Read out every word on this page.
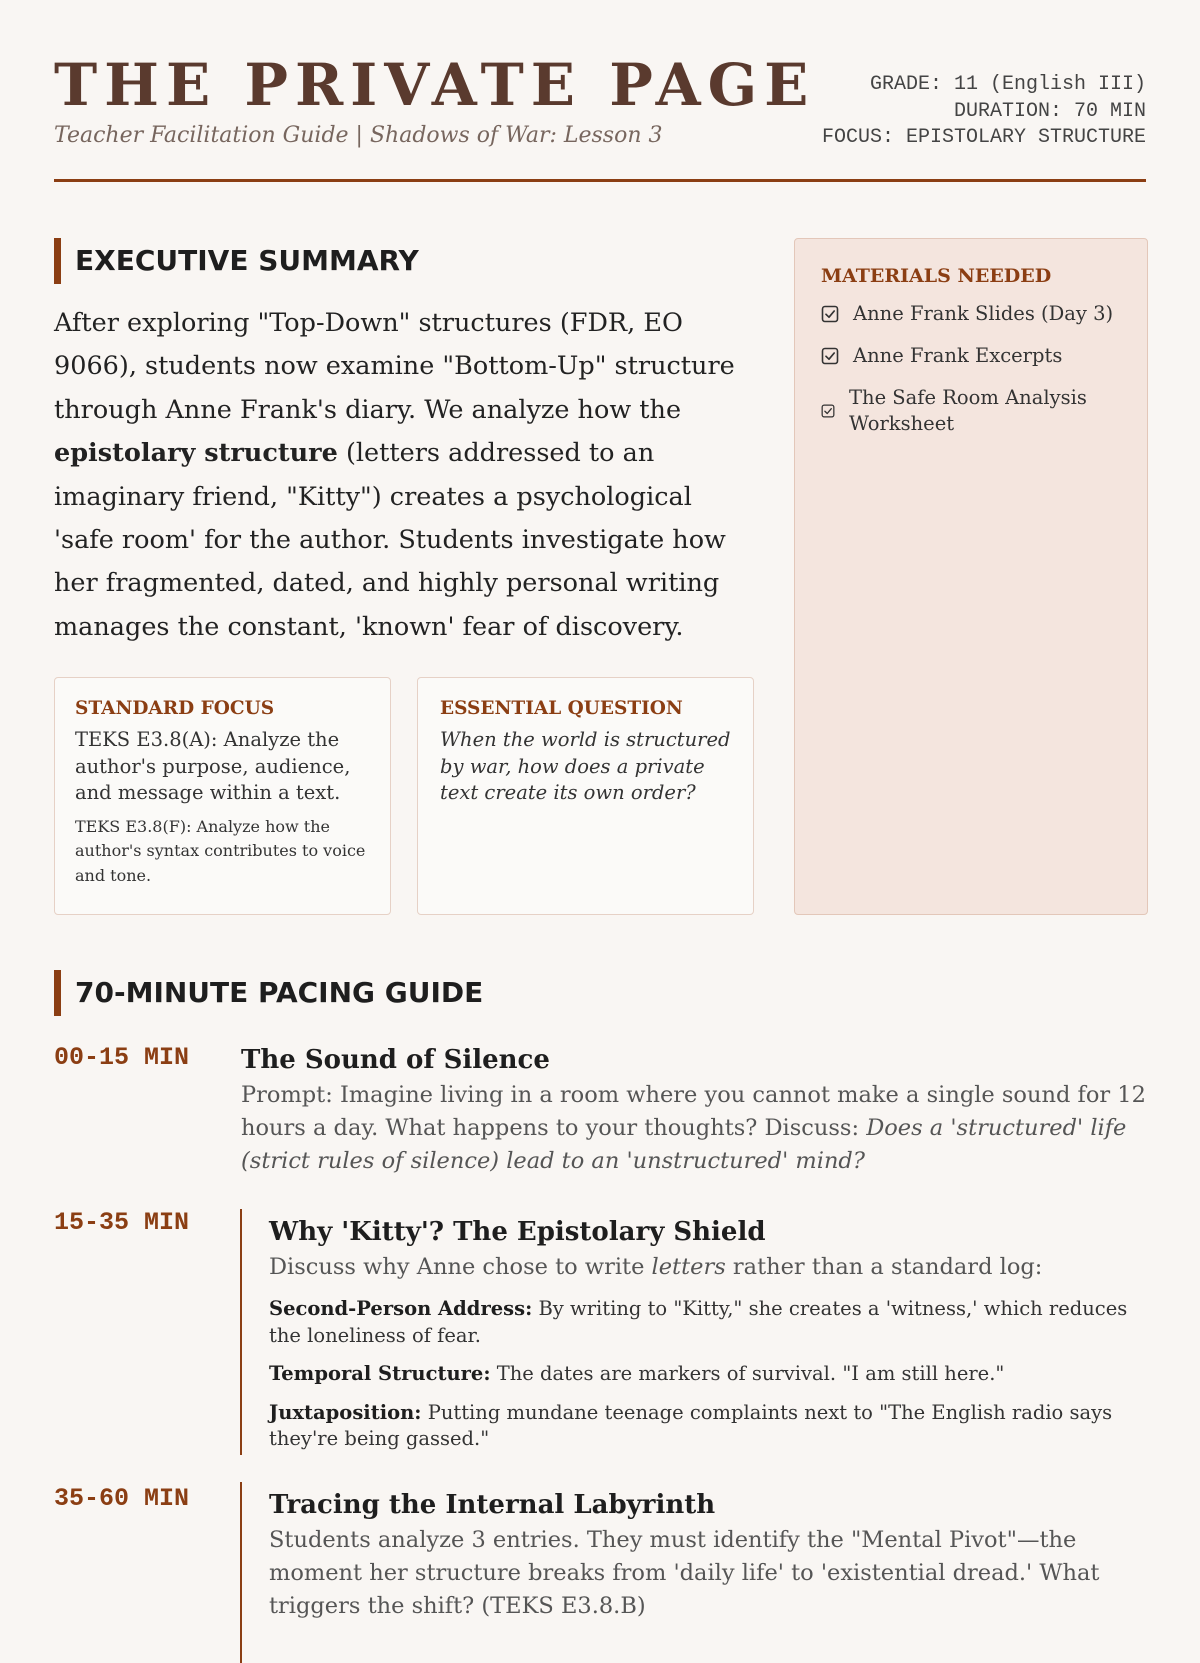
THE PRIVATE PAGE
Teacher Facilitation Guide | Shadows of War: Lesson 3
GRADE: 11 (English III)
DURATION: 70 MIN
FOCUS: EPISTOLARY STRUCTURE
EXECUTIVE SUMMARY

After exploring "Top-Down" structures (FDR, EO 9066), students now examine "Bottom-Up" structure through Anne Frank's diary. We analyze how the epistolary structure (letters addressed to an imaginary friend, "Kitty") creates a psychological 'safe room' for the author. Students investigate how her fragmented, dated, and highly personal writing manages the constant, 'known' fear of discovery.

STANDARD FOCUS
TEKS E3.8(A): Analyze the author's purpose, audience, and message within a text.
TEKS E3.8(F): Analyze how the author's syntax contributes to voice and tone.
ESSENTIAL QUESTION
When the world is structured by war, how does a private text create its own order?
MATERIALS NEEDED
Anne Frank Slides (Day 3)
Anne Frank Excerpts
The Safe Room Analysis Worksheet
70-MINUTE PACING GUIDE
00-15 MIN The Sound of Silence

Prompt: Imagine living in a room where you cannot make a single sound for 12 hours a day. What happens to your thoughts? Discuss: Does a 'structured' life (strict rules of silence) lead to an 'unstructured' mind?

15-35 MIN	Why 'Kitty'? The Epistolary Shield

Discuss why Anne chose to write letters rather than a standard log:

Second-Person Address: By writing to "Kitty," she creates a 'witness,' which reduces the loneliness of fear.

Temporal Structure: The dates are markers of survival. "I am still here."

Juxtaposition: Putting mundane teenage complaints next to "The English radio says they're being gassed."

35-60 MIN	Tracing the Internal Labyrinth

Students analyze 3 entries. They must identify the "Mental Pivot"—the moment her structure breaks from 'daily life' to 'existential dread.' What triggers the shift? (TEKS E3.8.B)
